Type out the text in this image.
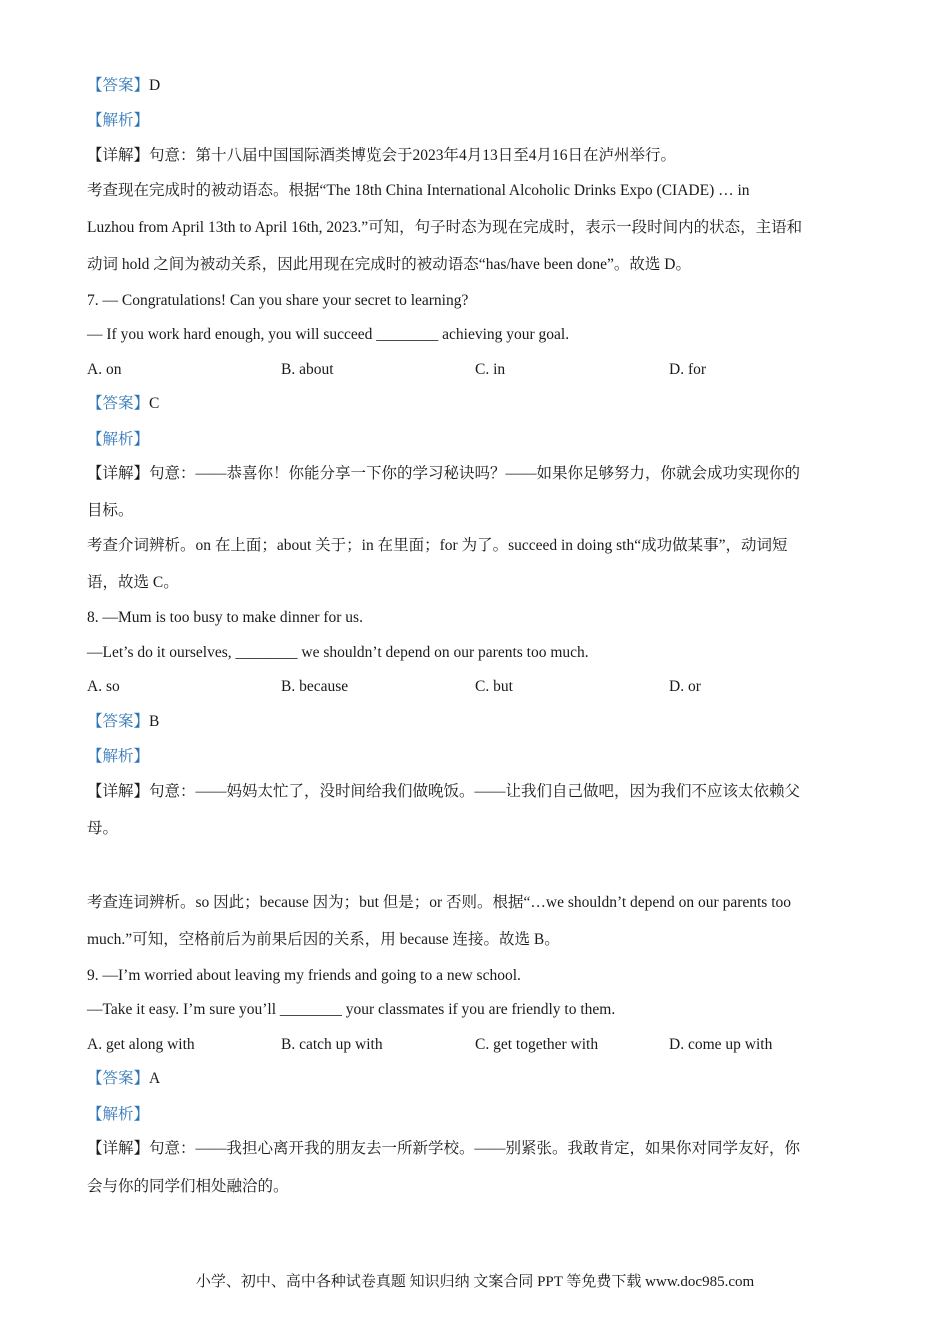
【答案】D
【解析】
【详解】句意：第十八届中国国际酒类博览会于2023年4月13日至4月16日在泸州举行。
考查现在完成时的被动语态。根据“The 18th China International Alcoholic Drinks Expo (CIADE) … in
Luzhou from April 13th to April 16th, 2023.”可知，句子时态为现在完成时，表示一段时间内的状态，主语和
动词 hold 之间为被动关系，因此用现在完成时的被动语态“has/have been done”。故选 D。
7. — Congratulations! Can you share your secret to learning?
— If you work hard enough, you will succeed ________ achieving your goal.
A. on	B. about	C. in	D. for
【答案】C
【解析】
【详解】句意：——恭喜你！你能分享一下你的学习秘诀吗？——如果你足够努力，你就会成功实现你的
目标。
考查介词辨析。on 在上面；about 关于；in 在里面；for 为了。succeed in doing sth“成功做某事”，动词短
语，故选 C。
8. —Mum is too busy to make dinner for us.
—Let’s do it ourselves, ________ we shouldn’t depend on our parents too much.
A. so	B. because	C. but	D. or
【答案】B
【解析】
【详解】句意：——妈妈太忙了，没时间给我们做晚饭。——让我们自己做吧，因为我们不应该太依赖父
母。
考查连词辨析。so 因此；because 因为；but 但是；or 否则。根据“…we shouldn’t depend on our parents too
much.”可知，空格前后为前果后因的关系，用 because 连接。故选 B。
9. —I’m worried about leaving my friends and going to a new school.
—Take it easy. I’m sure you’ll ________ your classmates if you are friendly to them.
A. get along with	B. catch up with	C. get together with	D. come up with
【答案】A
【解析】
【详解】句意：——我担心离开我的朋友去一所新学校。——别紧张。我敢肯定，如果你对同学友好，你
会与你的同学们相处融洽的。
小学、初中、高中各种试卷真题 知识归纳 文案合同 PPT 等免费下载 www.doc985.com
